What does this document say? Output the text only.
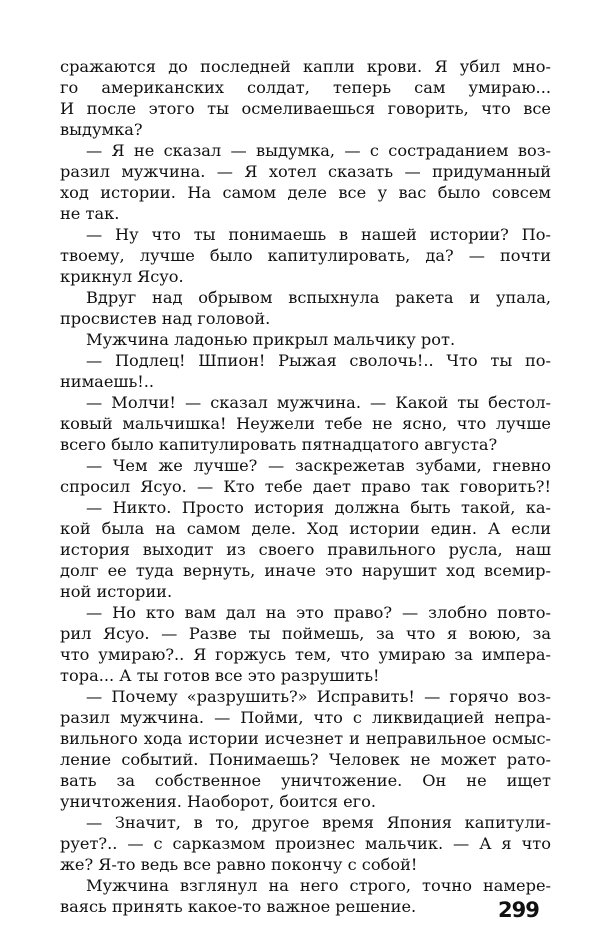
сражаются до последней капли крови. Я убил мно-
го американских солдат, теперь сам умираю...
И после этого ты осмеливаешься говорить, что все
выдумка?
— Я не сказал — выдумка, — с состраданием воз-
разил мужчина. — Я хотел сказать — придуманный
ход истории. На самом деле все у вас было совсем
не так.
— Ну что ты понимаешь в нашей истории? По-
твоему, лучше было капитулировать, да? — почти
крикнул Ясуо.
Вдруг над обрывом вспыхнула ракета и упала,
просвистев над головой.
Мужчина ладонью прикрыл мальчику рот.
— Подлец! Шпион! Рыжая сволочь!.. Что ты по-
нимаешь!..
— Молчи! — сказал мужчина. — Какой ты бестол-
ковый мальчишка! Неужели тебе не ясно, что лучше
всего было капитулировать пятнадцатого августа?
— Чем же лучше? — заскрежетав зубами, гневно
спросил Ясуо. — Кто тебе дает право так говорить?!
— Никто. Просто история должна быть такой, ка-
кой была на самом деле. Ход истории един. А если
история выходит из своего правильного русла, наш
долг ее туда вернуть, иначе это нарушит ход всемир-
ной истории.
— Но кто вам дал на это право? — злобно повто-
рил Ясуо. — Разве ты поймешь, за что я воюю, за
что умираю?.. Я горжусь тем, что умираю за импера-
тора... А ты готов все это разрушить!
— Почему «разрушить?» Исправить! — горячо воз-
разил мужчина. — Пойми, что с ликвидацией непра-
вильного хода истории исчезнет и неправильное осмыс-
ление событий. Понимаешь? Человек не может рато-
вать за собственное уничтожение. Он не ищет
уничтожения. Наоборот, боится его.
— Значит, в то, другое время Япония капитули-
рует?.. — с сарказмом произнес мальчик. — А я что
же? Я-то ведь все равно покончу с собой!
Мужчина взглянул на него строго, точно намере-
ваясь принять какое-то важное решение.	299
